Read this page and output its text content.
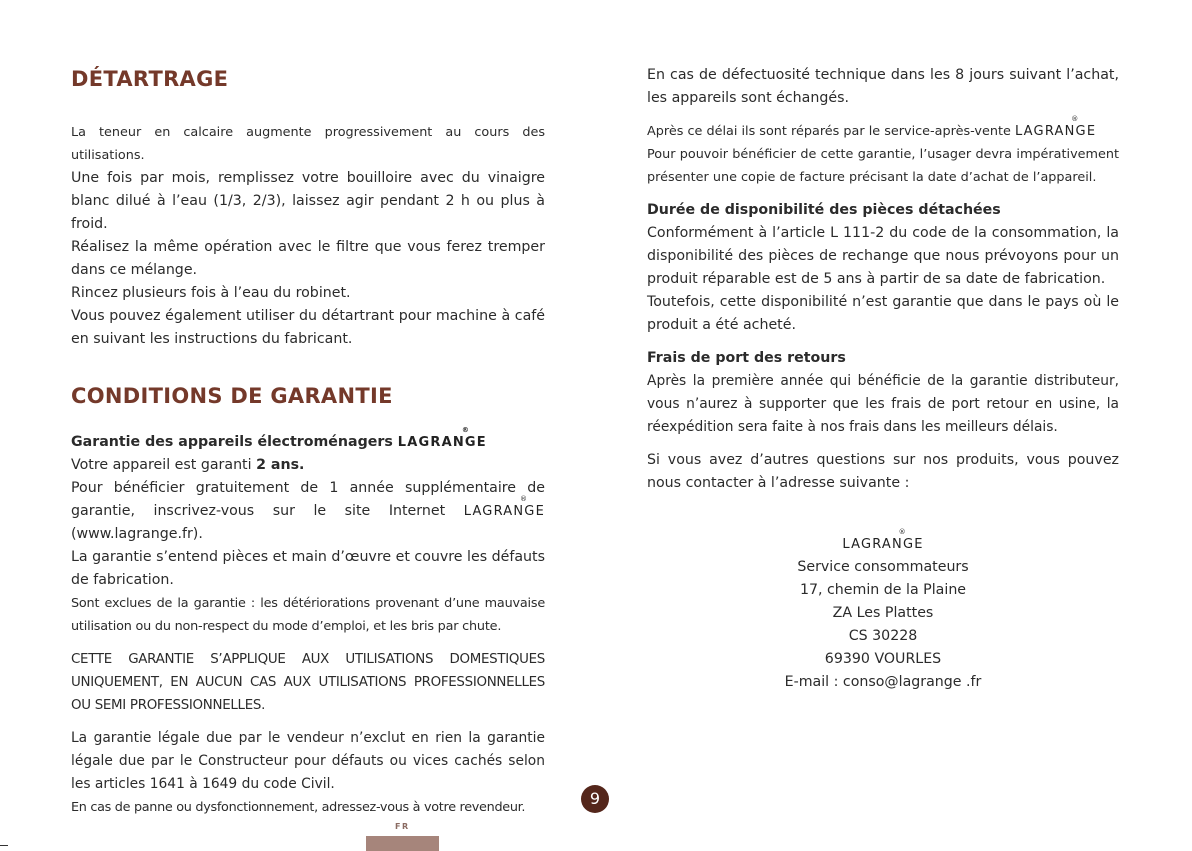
DÉTARTRAGE

La teneur en calcaire augmente progressivement au cours des utilisations.

Une fois par mois, remplissez votre bouilloire avec du vinaigre blanc dilué à l’eau (1/3, 2/3), laissez agir pendant 2 h ou plus à froid.

Réalisez la même opération avec le filtre que vous ferez tremper dans ce mélange.

Rincez plusieurs fois à l’eau du robinet.

Vous pouvez également utiliser du détartrant pour machine à café en suivant les instructions du fabricant.

CONDITIONS DE GARANTIE

Garantie des appareils électroménagers LAGRANGE
®

Votre appareil est garanti 2 ans.

Pour bénéficier gratuitement de 1 année supplémentaire de garantie, inscrivez-vous sur le site Internet LAGRANGE
®
(www.lagrange.fr).

La garantie s’entend pièces et main d’œuvre et couvre les défauts de fabrication.

Sont exclues de la garantie : les détériorations provenant d’une mauvaise utilisation ou du non-respect du mode d’emploi, et les bris par chute.

CETTE GARANTIE S’APPLIQUE AUX UTILISATIONS DOMESTIQUES UNIQUEMENT, EN AUCUN CAS AUX UTILISATIONS PROFESSIONNELLES OU SEMI PROFESSIONNELLES.

La garantie légale due par le vendeur n’exclut en rien la garantie légale due par le Constructeur pour défauts ou vices cachés selon les articles 1641 à 1649 du code Civil.

En cas de panne ou dysfonctionnement, adressez-vous à votre revendeur.

En cas de défectuosité technique dans les 8 jours suivant l’achat, les appareils sont échangés.

Après ce délai ils sont réparés par le service-après-vente LAGRANGE
®

Pour pouvoir bénéficier de cette garantie, l’usager devra impérativement présenter une copie de facture précisant la date d’achat de l’appareil.

Durée de disponibilité des pièces détachées

Conformément à l’article L 111-2 du code de la consommation, la disponibilité des pièces de rechange que nous prévoyons pour un produit réparable est de 5 ans à partir de sa date de fabrication.

Toutefois, cette disponibilité n’est garantie que dans le pays où le produit a été acheté.

Frais de port des retours

Après la première année qui bénéficie de la garantie distributeur, vous n’aurez à supporter que les frais de port retour en usine, la réexpédition sera faite à nos frais dans les meilleurs délais.

Si vous avez d’autres questions sur nos produits, vous pouvez nous contacter à l’adresse suivante :

LAGRANGE
®

Service consommateurs

17, chemin de la Plaine

ZA Les Plattes

CS 30228

69390 VOURLES

E-mail : conso@lagrange .fr

9
FR
